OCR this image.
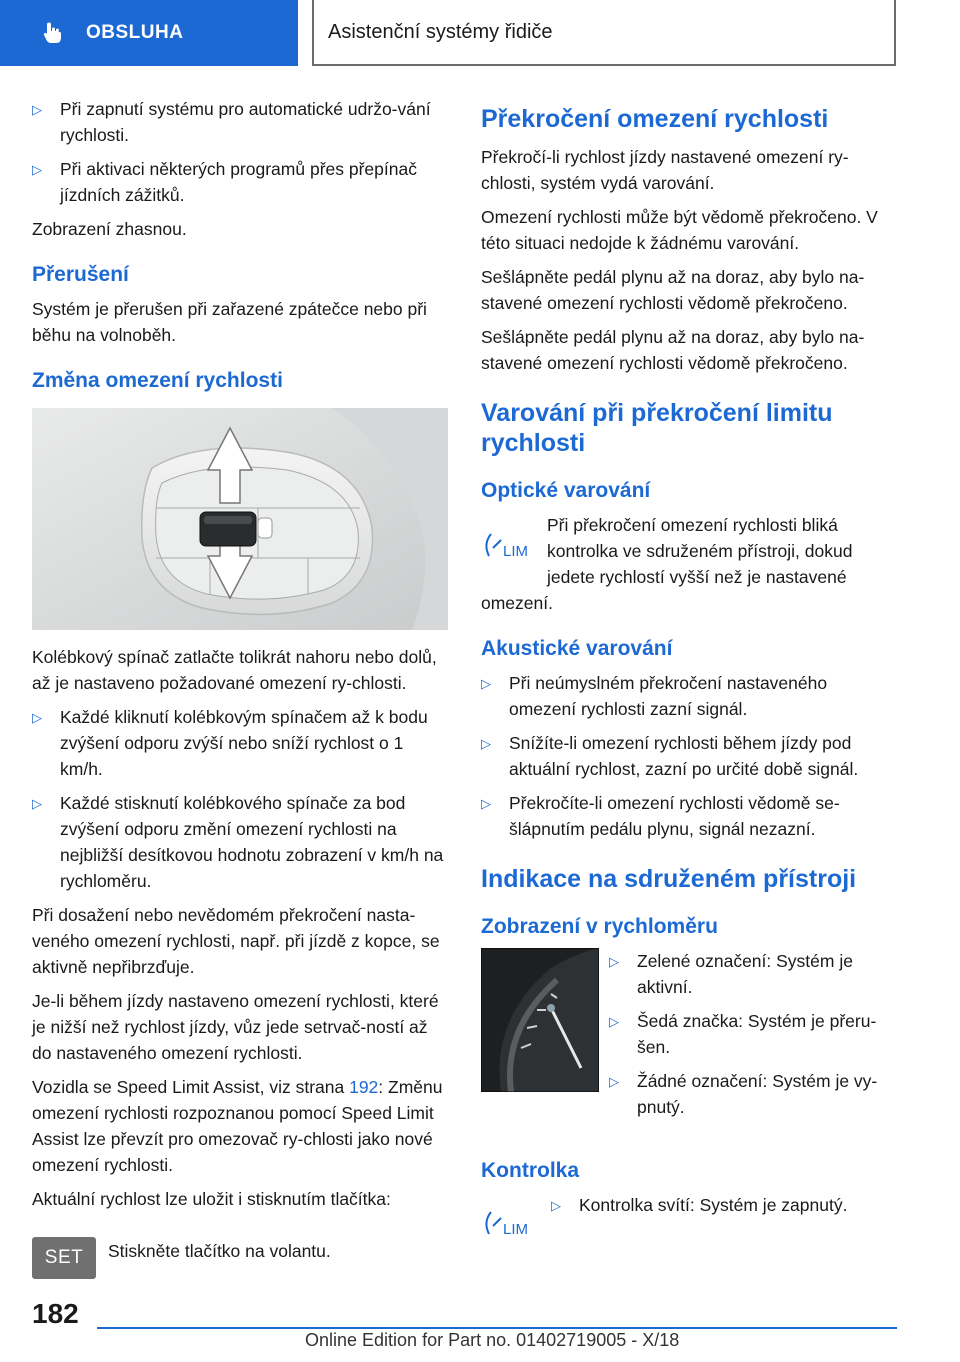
OBSLUHA	Asistenční systémy řidiče
▷	Při zapnutí systému pro automatické udržo-vání rychlosti.
▷	Při aktivaci některých programů přes přepínač jízdních zážitků.

Zobrazení zhasnou.

Přerušení

Systém je přerušen při zařazené zpátečce nebo při běhu na volnoběh.

Změna omezení rychlosti

Kolébkový spínač zatlačte tolikrát nahoru nebo dolů, až je nastaveno požadované omezení ry-chlosti.

▷	Každé kliknutí kolébkovým spínačem až k bodu zvýšení odporu zvýší nebo sníží rychlost o 1 km/h.
▷	Každé stisknutí kolébkového spínače za bod zvýšení odporu změní omezení rychlosti na nejbližší desítkovou hodnotu zobrazení v km/h na rychloměru.

Při dosažení nebo nevědomém překročení nasta-veného omezení rychlosti, např. při jízdě z kopce, se aktivně nepřibrzďuje.

Je-li během jízdy nastaveno omezení rychlosti, které je nižší než rychlost jízdy, vůz jede setrvač-ností až do nastaveného omezení rychlosti.

Vozidla se Speed Limit Assist, viz strana 192: Změnu omezení rychlosti rozpoznanou pomocí Speed Limit Assist lze převzít pro omezovač ry-chlosti jako nové omezení rychlosti.

Aktuální rychlost lze uložit i stisknutím tlačítka:

SET Stiskněte tlačítko na volantu.
Překročení omezení rychlosti

Překročí-li rychlost jízdy nastavené omezení ry-chlosti, systém vydá varování.

Omezení rychlosti může být vědomě překročeno. V této situaci nedojde k žádnému varování.

Sešlápněte pedál plynu až na doraz, aby bylo na-stavené omezení rychlosti vědomě překročeno.

Sešlápněte pedál plynu až na doraz, aby bylo na-stavené omezení rychlosti vědomě překročeno.

Varování při překročení limitu rychlosti
Optické varování
LIM

Při překročení omezení rychlosti bliká kontrolka ve sdruženém přístroji, dokud jedete rychlostí vyšší než je nastavené omezení.

Akustické varování
▷	Při neúmyslném překročení nastaveného omezení rychlosti zazní signál.
▷	Snížíte-li omezení rychlosti během jízdy pod aktuální rychlost, zazní po určité době signál.
▷	Překročíte-li omezení rychlosti vědomě se-šlápnutím pedálu plynu, signál nezazní.
Indikace na sdruženém přístroji
Zobrazení v rychloměru
▷	Zelené označení: Systém je aktivní.
▷	Šedá značka: Systém je přeru-šen.
▷	Žádné označení: Systém je vy-pnutý.
Kontrolka
LIM
▷	Kontrolka svítí: Systém je zapnutý.
182
Online Edition for Part no. 01402719005 - X/18
